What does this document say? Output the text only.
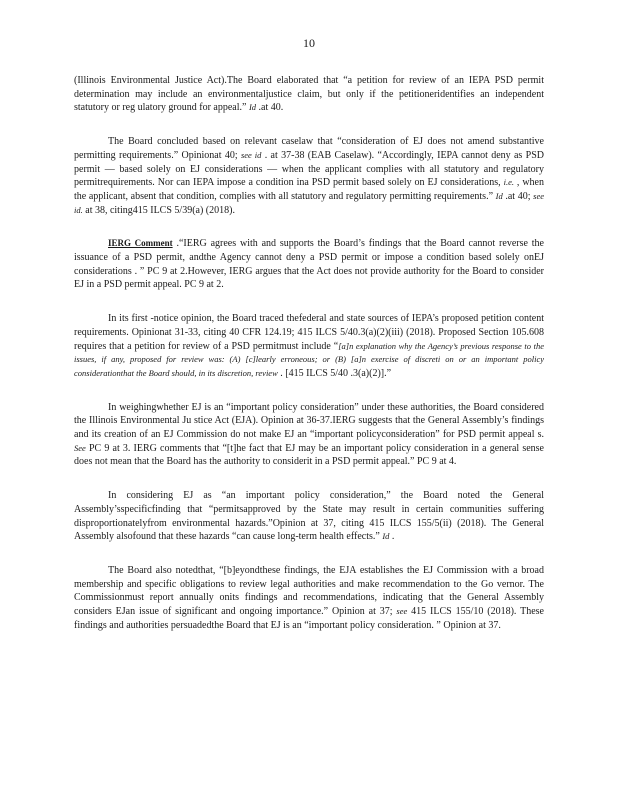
10

(Illinois Environmental Justice Act).The Board elaborated that “a petition for review of an IEPA PSD permit determination may include an environmentaljustice claim, but only if the petitioneridentifies an independent statutory or reg ulatory ground for appeal.” Id .at 40.

The Board concluded based on relevant caselaw that “consideration of EJ does not amend substantive permitting requirements.” Opinionat 40; see id . at 37-38 (EAB Caselaw). “Accordingly, IEPA cannot deny as PSD permit — based solely on EJ considerations — when the applicant complies with all statutory and regulatory permitrequirements. Nor can IEPA impose a condition ina PSD permit based solely on EJ considerations, i.e. , when the applicant, absent that condition, complies with all statutory and regulatory permitting requirements.” Id .at 40; see id. at 38, citing415 ILCS 5/39(a) (2018).

IERG Comment .“IERG agrees with and supports the Board’s findings that the Board cannot reverse the issuance of a PSD permit, andthe Agency cannot deny a PSD permit or impose a condition based solely onEJ considerations . ” PC 9 at 2.However, IERG argues that the Act does not provide authority for the Board to consider EJ in a PSD permit appeal. PC 9 at 2.

In its first -notice opinion, the Board traced thefederal and state sources of IEPA’s proposed petition content requirements. Opinionat 31-33, citing 40 CFR 124.19; 415 ILCS 5/40.3(a)(2)(iii) (2018). Proposed Section 105.608 requires that a petition for review of a PSD permitmust include “[a]n explanation why the Agency’s previous response to the issues, if any, proposed for review was: (A) [c]learly erroneous; or (B) [a]n exercise of discreti on or an important policy considerationthat the Board should, in its discretion, review . [415 ILCS 5/40 .3(a)(2)].”

In weighingwhether EJ is an “important policy consideration” under these authorities, the Board considered the Illinois Environmental Ju stice Act (EJA). Opinion at 36-37.IERG suggests that the General Assembly’s findings and its creation of an EJ Commission do not make EJ an “important policyconsideration” for PSD permit appeal s. See PC 9 at 3. IERG comments that “[t]he fact that EJ may be an important policy consideration in a general sense does not mean that the Board has the authority to considerit in a PSD permit appeal.” PC 9 at 4.

In considering EJ as “an important policy consideration,” the Board noted the General Assembly’sspecificfinding that “permitsapproved by the State may result in certain communities suffering disproportionatelyfrom environmental hazards.”Opinion at 37, citing 415 ILCS 155/5(ii) (2018). The General Assembly alsofound that these hazards “can cause long-term health effects.” Id .

The Board also notedthat, “[b]eyondthese findings, the EJA establishes the EJ Commission with a broad membership and specific obligations to review legal authorities and make recommendation to the Go vernor. The Commissionmust report annually onits findings and recommendations, indicating that the General Assembly considers EJan issue of significant and ongoing importance.” Opinion at 37; see 415 ILCS 155/10 (2018). These findings and authorities persuadedthe Board that EJ is an “important policy consideration. ” Opinion at 37.
